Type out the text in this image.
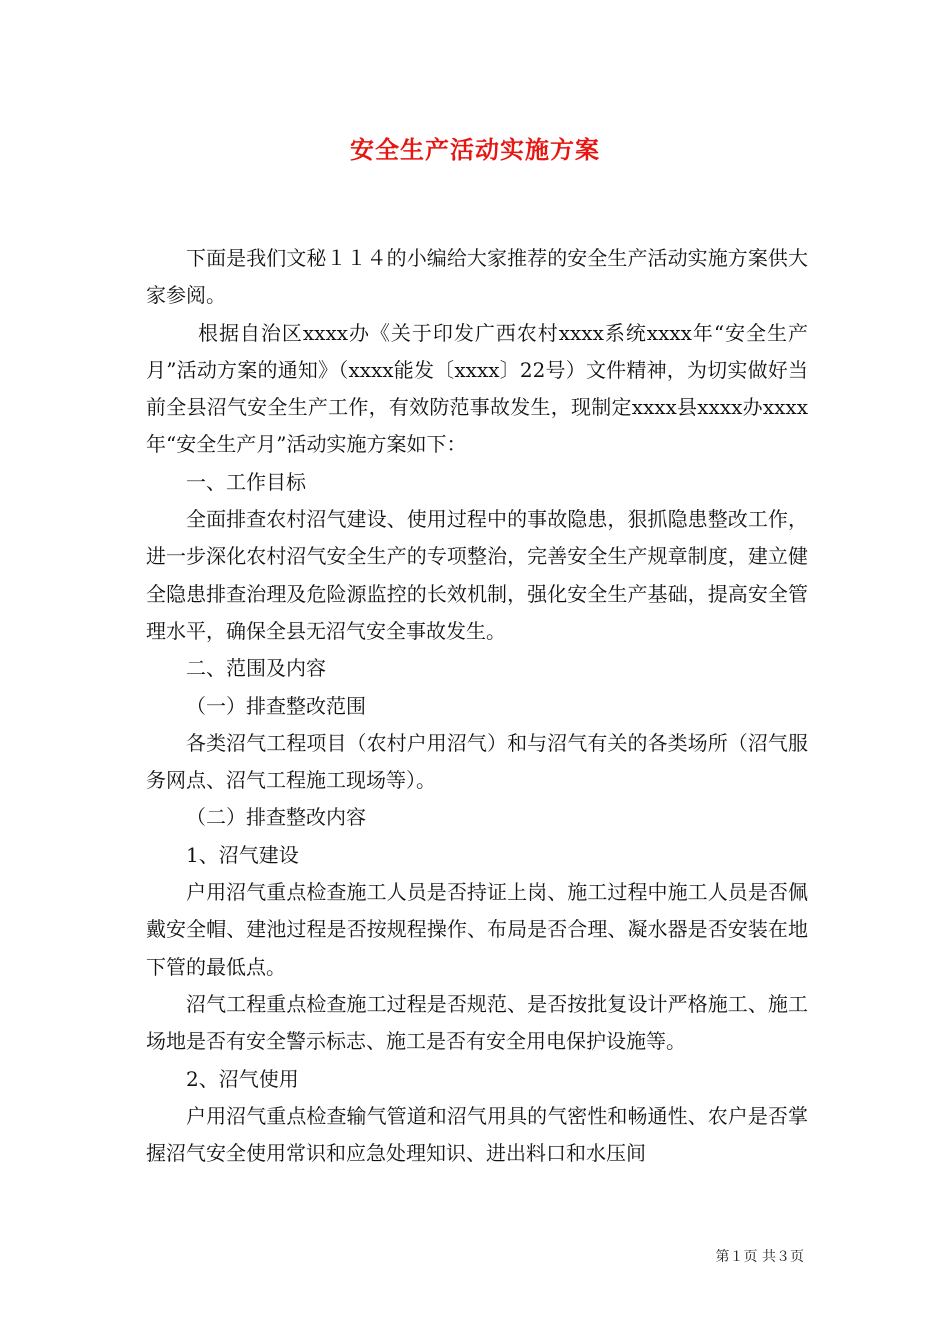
安全生产活动实施方案

下面是我们文秘１１４的小编给大家推荐的安全生产活动实施方案供大家参阅。

根据自治区xxxx办《关于印发广西农村xxxx系统xxxx年“安全生产月”活动方案的通知》（xxxx能发〔xxxx〕22号）文件精神，为切实做好当前全县沼气安全生产工作，有效防范事故发生，现制定xxxx县xxxx办xxxx年“安全生产月”活动实施方案如下：

一、工作目标

全面排查农村沼气建设、使用过程中的事故隐患，狠抓隐患整改工作，进一步深化农村沼气安全生产的专项整治，完善安全生产规章制度，建立健全隐患排查治理及危险源监控的长效机制，强化安全生产基础，提高安全管理水平，确保全县无沼气安全事故发生。

二、范围及内容

（一）排查整改范围

各类沼气工程项目（农村户用沼气）和与沼气有关的各类场所（沼气服务网点、沼气工程施工现场等）。

（二）排查整改内容

1、沼气建设

户用沼气重点检查施工人员是否持证上岗、施工过程中施工人员是否佩戴安全帽、建池过程是否按规程操作、布局是否合理、凝水器是否安装在地下管的最低点。

沼气工程重点检查施工过程是否规范、是否按批复设计严格施工、施工场地是否有安全警示标志、施工是否有安全用电保护设施等。

2、沼气使用

户用沼气重点检查输气管道和沼气用具的气密性和畅通性、农户是否掌握沼气安全使用常识和应急处理知识、进出料口和水压间

第１页 共３页
